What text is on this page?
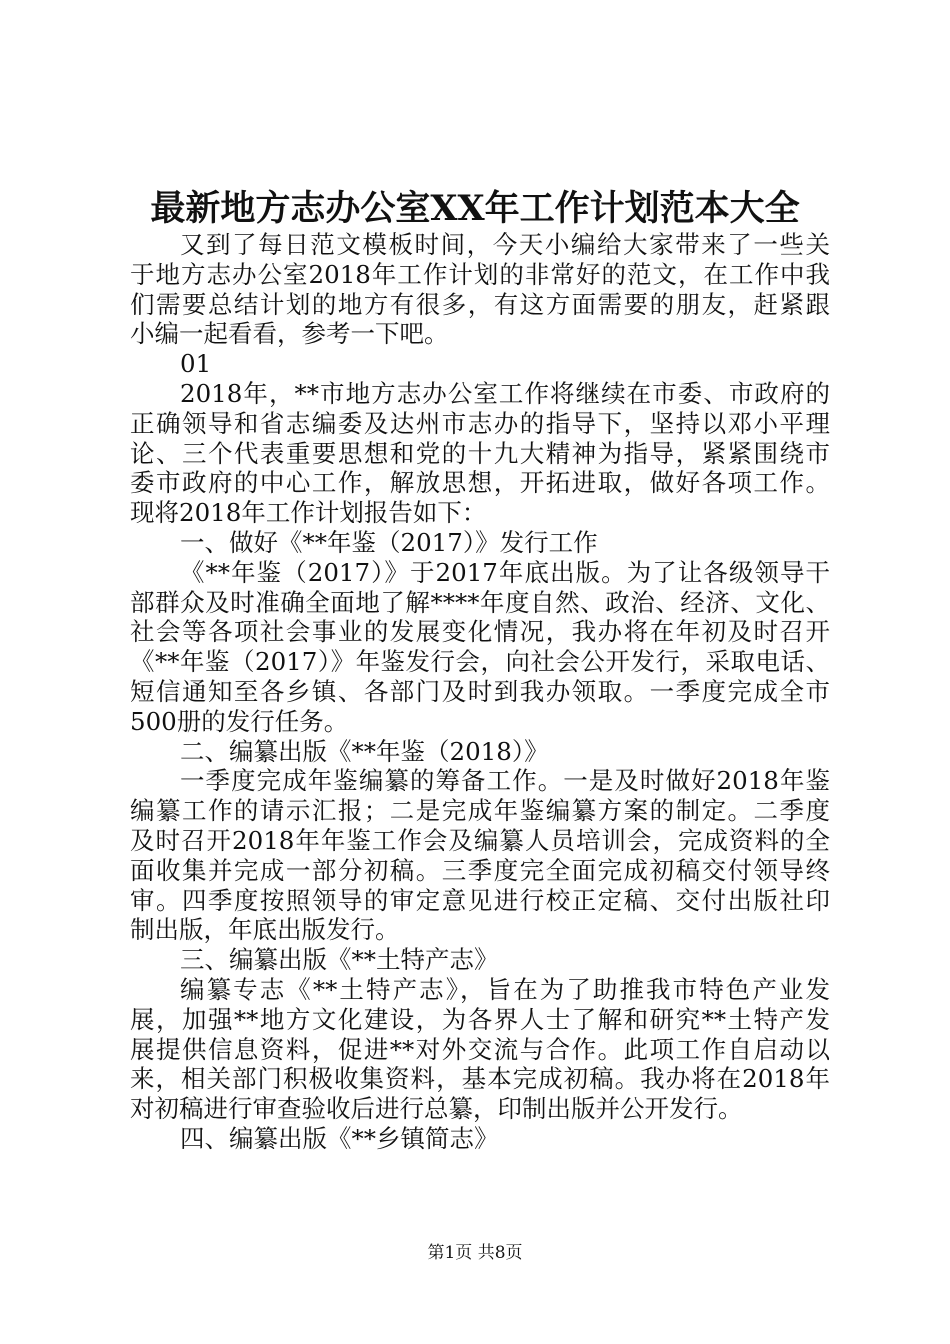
最新地方志办公室XX年工作计划范本大全

又到了每日范文模板时间，今天小编给大家带来了一些关
于地方志办公室2018年工作计划的非常好的范文，在工作中我
们需要总结计划的地方有很多，有这方面需要的朋友，赶紧跟
小编一起看看，参考一下吧。

01

2018年，**市地方志办公室工作将继续在市委、市政府的
正确领导和省志编委及达州市志办的指导下，坚持以邓小平理
论、三个代表重要思想和党的十九大精神为指导，紧紧围绕市
委市政府的中心工作，解放思想，开拓进取，做好各项工作。
现将2018年工作计划报告如下：

一、做好《**年鉴（2017）》发行工作

《**年鉴（2017）》于2017年底出版。为了让各级领导干
部群众及时准确全面地了解****年度自然、政治、经济、文化、
社会等各项社会事业的发展变化情况，我办将在年初及时召开
《**年鉴（2017）》年鉴发行会，向社会公开发行，采取电话、
短信通知至各乡镇、各部门及时到我办领取。一季度完成全市
500册的发行任务。

二、编纂出版《**年鉴（2018）》

一季度完成年鉴编纂的筹备工作。一是及时做好2018年鉴
编纂工作的请示汇报；二是完成年鉴编纂方案的制定。二季度
及时召开2018年年鉴工作会及编纂人员培训会，完成资料的全
面收集并完成一部分初稿。三季度完全面完成初稿交付领导终
审。四季度按照领导的审定意见进行校正定稿、交付出版社印
制出版，年底出版发行。

三、编纂出版《**土特产志》

编纂专志《**土特产志》，旨在为了助推我市特色产业发
展，加强**地方文化建设，为各界人士了解和研究**土特产发
展提供信息资料，促进**对外交流与合作。此项工作自启动以
来，相关部门积极收集资料，基本完成初稿。我办将在2018年
对初稿进行审查验收后进行总纂，印制出版并公开发行。

四、编纂出版《**乡镇简志》

第1页 共8页
